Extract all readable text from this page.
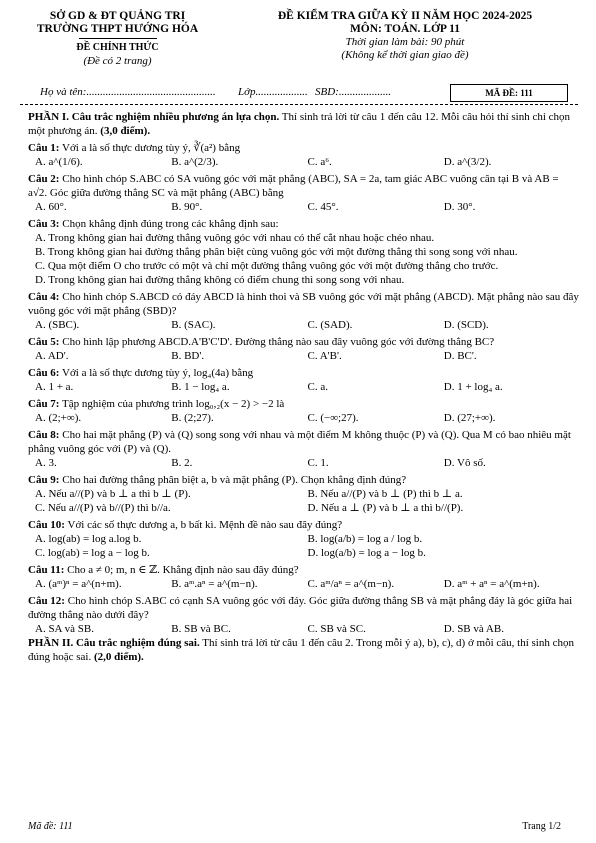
SỞ GD & ĐT QUẢNG TRỊ
TRƯỜNG THPT HƯỚNG HÓA
ĐỀ CHÍNH THỨC
(Đề có 2 trang)
ĐỀ KIỂM TRA GIỮA KỲ II NĂM HỌC 2024-2025
MÔN: TOÁN. LỚP 11
Thời gian làm bài: 90 phút
(Không kể thời gian giao đề)
Họ và tên:............................................... Lớp................... SBD:...................	MÃ ĐỀ: 111

PHẦN I. Câu trắc nghiệm nhiều phương án lựa chọn. Thí sinh trả lời từ câu 1 đến câu 12. Mỗi câu hỏi thí sinh chỉ chọn một phương án. (3,0 điểm).

Câu 1: Với a là số thực dương tùy ý, ∛(a²) bằng
A. a^(1/6).	B. a^(2/3).	C. a⁶.	D. a^(3/2).
Câu 2: Cho hình chóp S.ABC có SA vuông góc với mặt phẳng (ABC), SA = 2a, tam giác ABC vuông cân tại B và AB = a√2. Góc giữa đường thẳng SC và mặt phẳng (ABC) bằng
A. 60°.	B. 90°.	C. 45°.	D. 30°.
Câu 3: Chọn khẳng định đúng trong các khẳng định sau:
A. Trong không gian hai đường thẳng vuông góc với nhau có thể cắt nhau hoặc chéo nhau.
B. Trong không gian hai đường thẳng phân biệt cùng vuông góc với một đường thẳng thì song song với nhau.
C. Qua một điểm O cho trước có một và chỉ một đường thẳng vuông góc với một đường thẳng cho trước.
D. Trong không gian hai đường thẳng không có điểm chung thì song song với nhau.
Câu 4: Cho hình chóp S.ABCD có đáy ABCD là hình thoi và SB vuông góc với mặt phẳng (ABCD). Mặt phẳng nào sau đây vuông góc với mặt phẳng (SBD)?
A. (SBC).	B. (SAC).	C. (SAD).	D. (SCD).
Câu 5: Cho hình lập phương ABCD.A'B'C'D'. Đường thẳng nào sau đây vuông góc với đường thẳng BC?
A. AD'.	B. BD'.	C. A'B'.	D. BC'.
Câu 6: Với a là số thực dương tùy ý, log₄(4a) bằng
A. 1 + a.	B. 1 − log₄ a.	C. a.	D. 1 + log₄ a.
Câu 7: Tập nghiệm của phương trình log₀,₂(x − 2) > −2 là
A. (2;+∞).	B. (2;27).	C. (−∞;27).	D. (27;+∞).
Câu 8: Cho hai mặt phẳng (P) và (Q) song song với nhau và một điểm M không thuộc (P) và (Q). Qua M có bao nhiêu mặt phẳng vuông góc với (P) và (Q).
A. 3.	B. 2.	C. 1.	D. Vô số.
Câu 9: Cho hai đường thẳng phân biệt a, b và mặt phẳng (P). Chọn khẳng định đúng?
A. Nếu a//(P) và b ⊥ a thì b ⊥ (P).	B. Nếu a//(P) và b ⊥ (P) thì b ⊥ a.
C. Nếu a//(P) và b//(P) thì b//a.	D. Nếu a ⊥ (P) và b ⊥ a thì b//(P).
Câu 10: Với các số thực dương a, b bất kì. Mệnh đề nào sau đây đúng?
A. log(ab) = log a.log b.	B. log(a/b) = log a / log b.
C. log(ab) = log a − log b.	D. log(a/b) = log a − log b.
Câu 11: Cho a ≠ 0; m, n ∈ ℤ. Khẳng định nào sau đây đúng?
A. (aᵐ)ⁿ = a^(n+m).	B. aᵐ.aⁿ = a^(m−n).	C. aᵐ/aⁿ = a^(m−n).	D. aᵐ + aⁿ = a^(m+n).
Câu 12: Cho hình chóp S.ABC có cạnh SA vuông góc với đáy. Góc giữa đường thẳng SB và mặt phẳng đáy là góc giữa hai đường thẳng nào dưới đây?
A. SA và SB.	B. SB và BC.	C. SB và SC.	D. SB và AB.

PHẦN II. Câu trắc nghiệm đúng sai. Thí sinh trả lời từ câu 1 đến câu 2. Trong mỗi ý a), b), c), d) ở mỗi câu, thí sinh chọn đúng hoặc sai. (2,0 điểm).

Mã đề: 111	Trang 1/2
